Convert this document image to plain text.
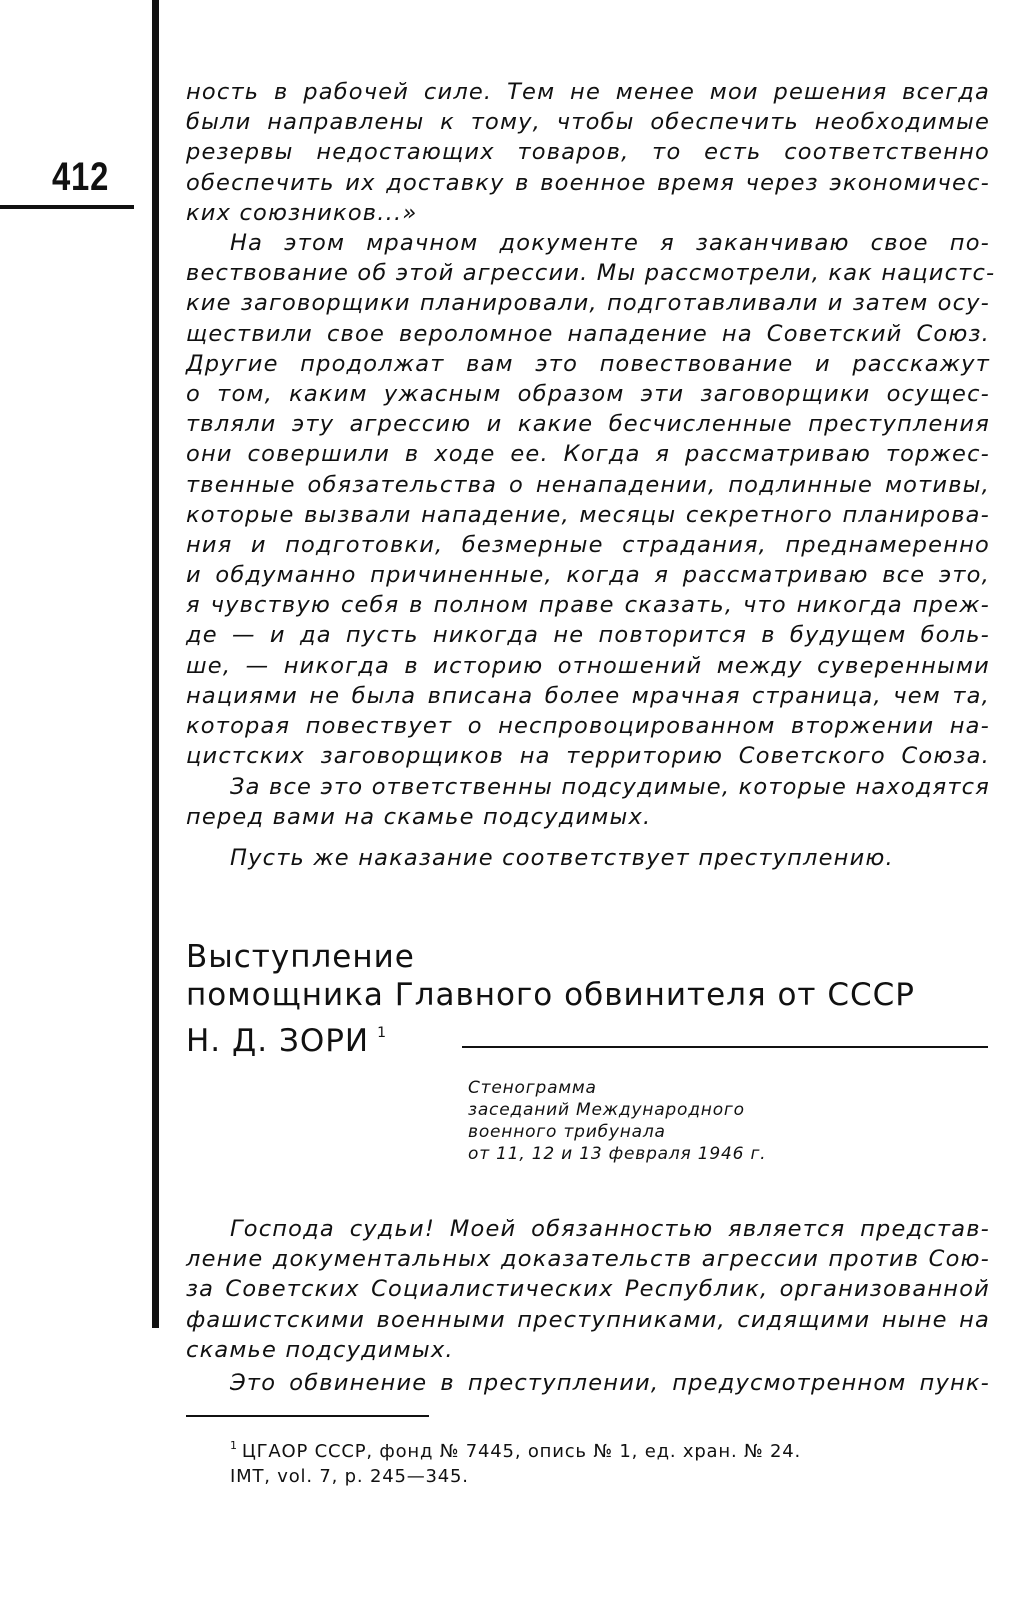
412
ность в рабочей силе. Тем не менее мои решения всегда
были направлены к тому, чтобы обеспечить необходимые
резервы недостающих товаров, то есть соответственно
обеспечить их доставку в военное время через экономичес-
ких союзников...»
На этом мрачном документе я заканчиваю свое по-
вествование об этой агрессии. Мы рассмотрели, как нацистс-
кие заговорщики планировали, подготавливали и затем осу-
ществили свое вероломное нападение на Советский Союз.
Другие продолжат вам это повествование и расскажут
о том, каким ужасным образом эти заговорщики осущес-
твляли эту агрессию и какие бесчисленные преступления
они совершили в ходе ее. Когда я рассматриваю торжес-
твенные обязательства о ненападении, подлинные мотивы,
которые вызвали нападение, месяцы секретного планирова-
ния и подготовки, безмерные страдания, преднамеренно
и обдуманно причиненные, когда я рассматриваю все это,
я чувствую себя в полном праве сказать, что никогда преж-
де — и да пусть никогда не повторится в будущем боль-
ше, — никогда в историю отношений между суверенными
нациями не была вписана более мрачная страница, чем та,
которая повествует о неспровоцированном вторжении на-
цистских заговорщиков на территорию Советского Союза.
За все это ответственны подсудимые, которые находятся
перед вами на скамье подсудимых.
Пусть же наказание соответствует преступлению.
Выступление
помощника Главного обвинителя от СССР
Н. Д. ЗОРИ $^1$
Стенограмма
заседаний Международного
военного трибунала
от 11, 12 и 13 февраля 1946 г.
Господа судьи! Моей обязанностью является представ-
ление документальных доказательств агрессии против Сою-
за Советских Социалистических Республик, организованной
фашистскими военными преступниками, сидящими ныне на
скамье подсудимых.
Это обвинение в преступлении, предусмотренном пунк-
$^1$ ЦГАОР СССР, фонд № 7445, опись № 1, ед. хран. № 24.
IMT, vol. 7, p. 245—345.
